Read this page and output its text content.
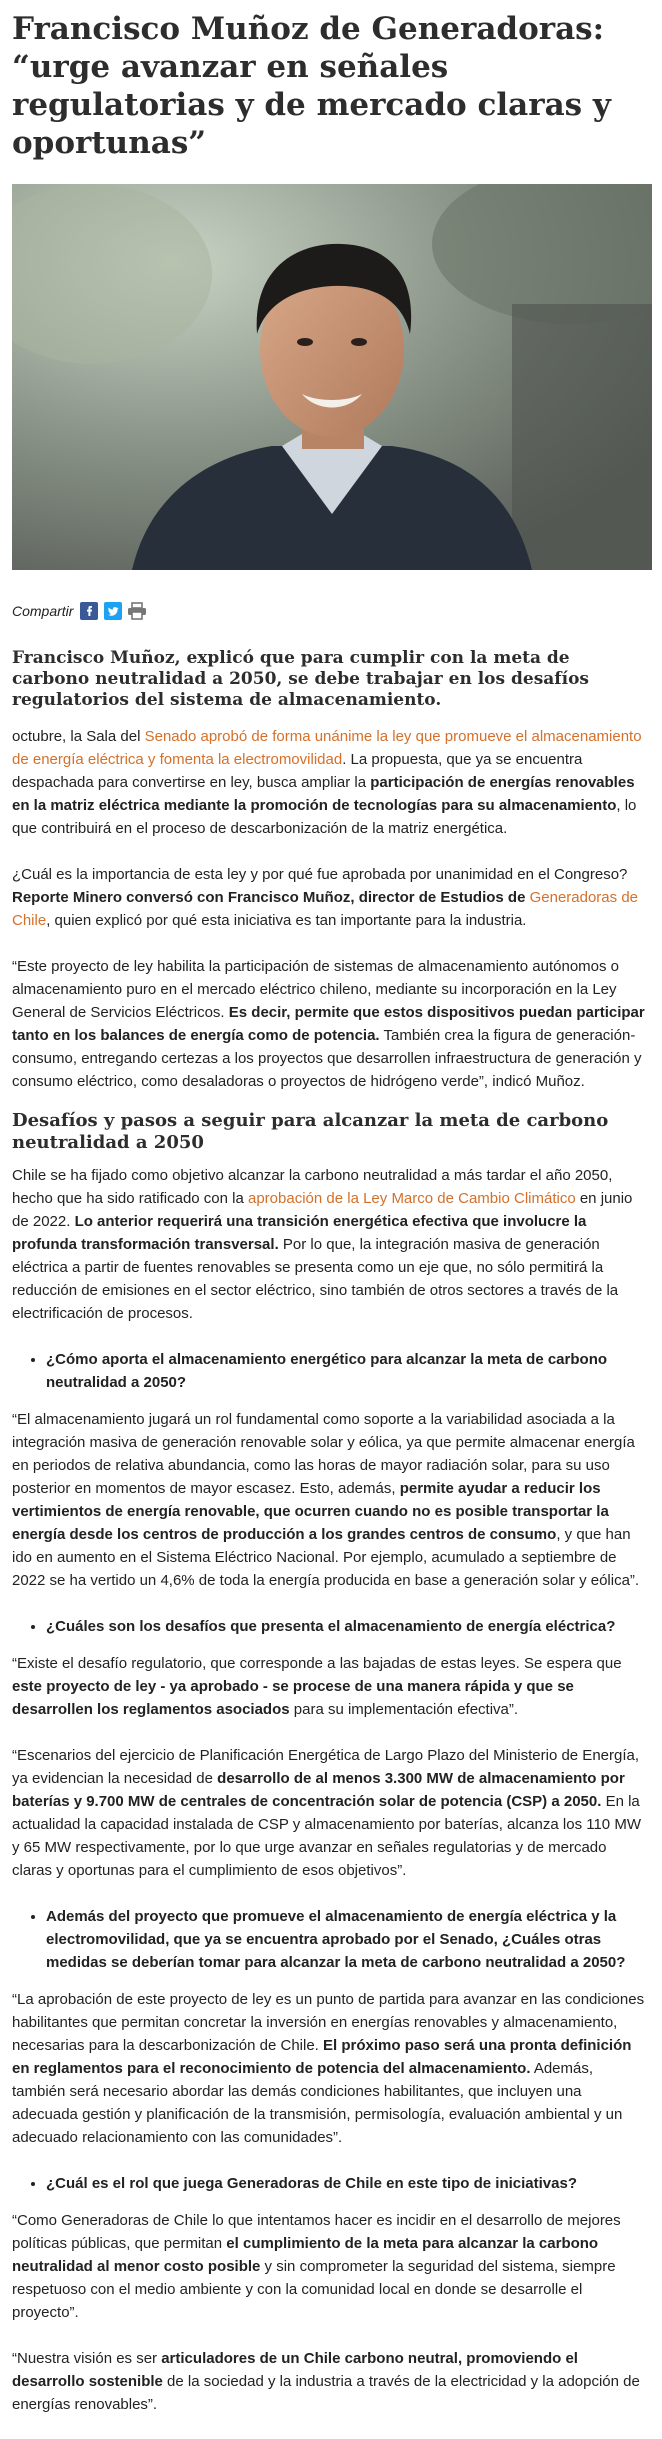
Francisco Muñoz de Generadoras: “urge avanzar en señales regulatorias y de mercado claras y oportunas”
Compartir
Francisco Muñoz, explicó que para cumplir con la meta de carbono neutralidad a 2050, se debe trabajar en los desafíos regulatorios del sistema de almacenamiento.

octubre, la Sala del Senado aprobó de forma unánime la ley que promueve el almacenamiento de energía eléctrica y fomenta la electromovilidad. La propuesta, que ya se encuentra despachada para convertirse en ley, busca ampliar la participación de energías renovables en la matriz eléctrica mediante la promoción de tecnologías para su almacenamiento, lo que contribuirá en el proceso de descarbonización de la matriz energética.

¿Cuál es la importancia de esta ley y por qué fue aprobada por unanimidad en el Congreso? Reporte Minero conversó con Francisco Muñoz, director de Estudios de Generadoras de Chile, quien explicó por qué esta iniciativa es tan importante para la industria.

“Este proyecto de ley habilita la participación de sistemas de almacenamiento autónomos o almacenamiento puro en el mercado eléctrico chileno, mediante su incorporación en la Ley General de Servicios Eléctricos. Es decir, permite que estos dispositivos puedan participar tanto en los balances de energía como de potencia. También crea la figura de generación-consumo, entregando certezas a los proyectos que desarrollen infraestructura de generación y consumo eléctrico, como desaladoras o proyectos de hidrógeno verde”, indicó Muñoz.

Desafíos y pasos a seguir para alcanzar la meta de carbono neutralidad a 2050

Chile se ha fijado como objetivo alcanzar la carbono neutralidad a más tardar el año 2050, hecho que ha sido ratificado con la aprobación de la Ley Marco de Cambio Climático en junio de 2022. Lo anterior requerirá una transición energética efectiva que involucre la profunda transformación transversal. Por lo que, la integración masiva de generación eléctrica a partir de fuentes renovables se presenta como un eje que, no sólo permitirá la reducción de emisiones en el sector eléctrico, sino también de otros sectores a través de la electrificación de procesos.

• ¿Cómo aporta el almacenamiento energético para alcanzar la meta de carbono neutralidad a 2050?

“El almacenamiento jugará un rol fundamental como soporte a la variabilidad asociada a la integración masiva de generación renovable solar y eólica, ya que permite almacenar energía en periodos de relativa abundancia, como las horas de mayor radiación solar, para su uso posterior en momentos de mayor escasez. Esto, además, permite ayudar a reducir los vertimientos de energía renovable, que ocurren cuando no es posible transportar la energía desde los centros de producción a los grandes centros de consumo, y que han ido en aumento en el Sistema Eléctrico Nacional. Por ejemplo, acumulado a septiembre de 2022 se ha vertido un 4,6% de toda la energía producida en base a generación solar y eólica”.

• ¿Cuáles son los desafíos que presenta el almacenamiento de energía eléctrica?

“Existe el desafío regulatorio, que corresponde a las bajadas de estas leyes. Se espera que este proyecto de ley - ya aprobado - se procese de una manera rápida y que se desarrollen los reglamentos asociados para su implementación efectiva”.

“Escenarios del ejercicio de Planificación Energética de Largo Plazo del Ministerio de Energía, ya evidencian la necesidad de desarrollo de al menos 3.300 MW de almacenamiento por baterías y 9.700 MW de centrales de concentración solar de potencia (CSP) a 2050. En la actualidad la capacidad instalada de CSP y almacenamiento por baterías, alcanza los 110 MW y 65 MW respectivamente, por lo que urge avanzar en señales regulatorias y de mercado claras y oportunas para el cumplimiento de esos objetivos”.

• Además del proyecto que promueve el almacenamiento de energía eléctrica y la electromovilidad, que ya se encuentra aprobado por el Senado, ¿Cuáles otras medidas se deberían tomar para alcanzar la meta de carbono neutralidad a 2050?

“La aprobación de este proyecto de ley es un punto de partida para avanzar en las condiciones habilitantes que permitan concretar la inversión en energías renovables y almacenamiento, necesarias para la descarbonización de Chile. El próximo paso será una pronta definición en reglamentos para el reconocimiento de potencia del almacenamiento. Además, también será necesario abordar las demás condiciones habilitantes, que incluyen una adecuada gestión y planificación de la transmisión, permisología, evaluación ambiental y un adecuado relacionamiento con las comunidades”.

• ¿Cuál es el rol que juega Generadoras de Chile en este tipo de iniciativas?

“Como Generadoras de Chile lo que intentamos hacer es incidir en el desarrollo de mejores políticas públicas, que permitan el cumplimiento de la meta para alcanzar la carbono neutralidad al menor costo posible y sin comprometer la seguridad del sistema, siempre respetuoso con el medio ambiente y con la comunidad local en donde se desarrolle el proyecto”.

“Nuestra visión es ser articuladores de un Chile carbono neutral, promoviendo el desarrollo sostenible de la sociedad y la industria a través de la electricidad y la adopción de energías renovables”.
